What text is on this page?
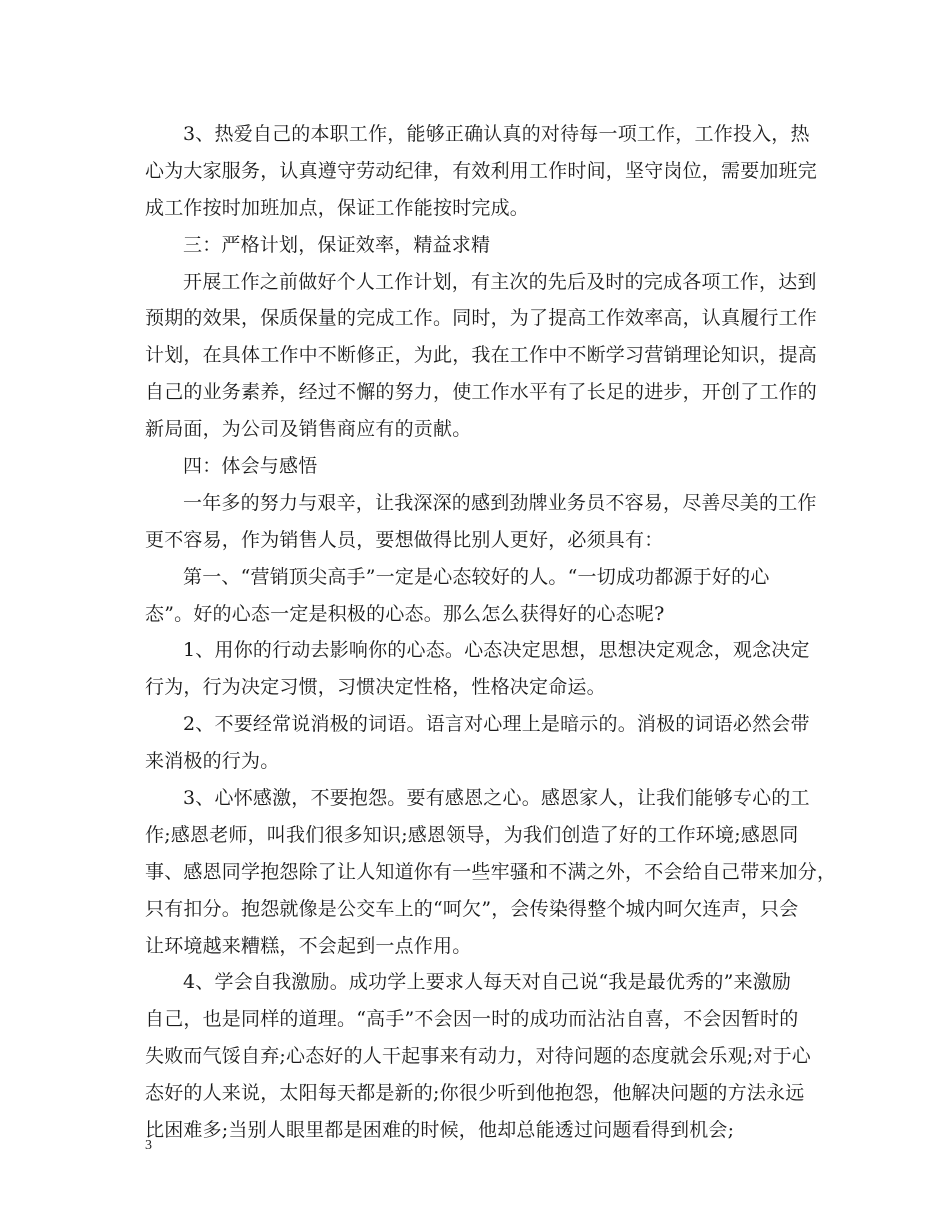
3、热爱自己的本职工作，能够正确认真的对待每一项工作，工作投入，热
心为大家服务，认真遵守劳动纪律，有效利用工作时间，坚守岗位，需要加班完
成工作按时加班加点，保证工作能按时完成。
三：严格计划，保证效率，精益求精
开展工作之前做好个人工作计划，有主次的先后及时的完成各项工作，达到
预期的效果，保质保量的完成工作。同时，为了提高工作效率高，认真履行工作
计划，在具体工作中不断修正，为此，我在工作中不断学习营销理论知识，提高
自己的业务素养，经过不懈的努力，使工作水平有了长足的进步，开创了工作的
新局面，为公司及销售商应有的贡献。
四：体会与感悟
一年多的努力与艰辛，让我深深的感到劲牌业务员不容易，尽善尽美的工作
更不容易，作为销售人员，要想做得比别人更好，必须具有：
第一、“营销顶尖高手”一定是心态较好的人。“一切成功都源于好的心
态”。好的心态一定是积极的心态。那么怎么获得好的心态呢?
1、用你的行动去影响你的心态。心态决定思想，思想决定观念，观念决定
行为，行为决定习惯，习惯决定性格，性格决定命运。
2、不要经常说消极的词语。语言对心理上是暗示的。消极的词语必然会带
来消极的行为。
3、心怀感激，不要抱怨。要有感恩之心。感恩家人，让我们能够专心的工
作;感恩老师，叫我们很多知识;感恩领导，为我们创造了好的工作环境;感恩同
事、感恩同学抱怨除了让人知道你有一些牢骚和不满之外，不会给自己带来加分，
只有扣分。抱怨就像是公交车上的“呵欠”，会传染得整个城内呵欠连声，只会
让环境越来糟糕，不会起到一点作用。
4、学会自我激励。成功学上要求人每天对自己说“我是最优秀的”来激励
自己，也是同样的道理。“高手”不会因一时的成功而沾沾自喜，不会因暂时的
失败而气馁自弃;心态好的人干起事来有动力，对待问题的态度就会乐观;对于心
态好的人来说，太阳每天都是新的;你很少听到他抱怨，他解决问题的方法永远
比困难多;当别人眼里都是困难的时候，他却总能透过问题看得到机会;
3
